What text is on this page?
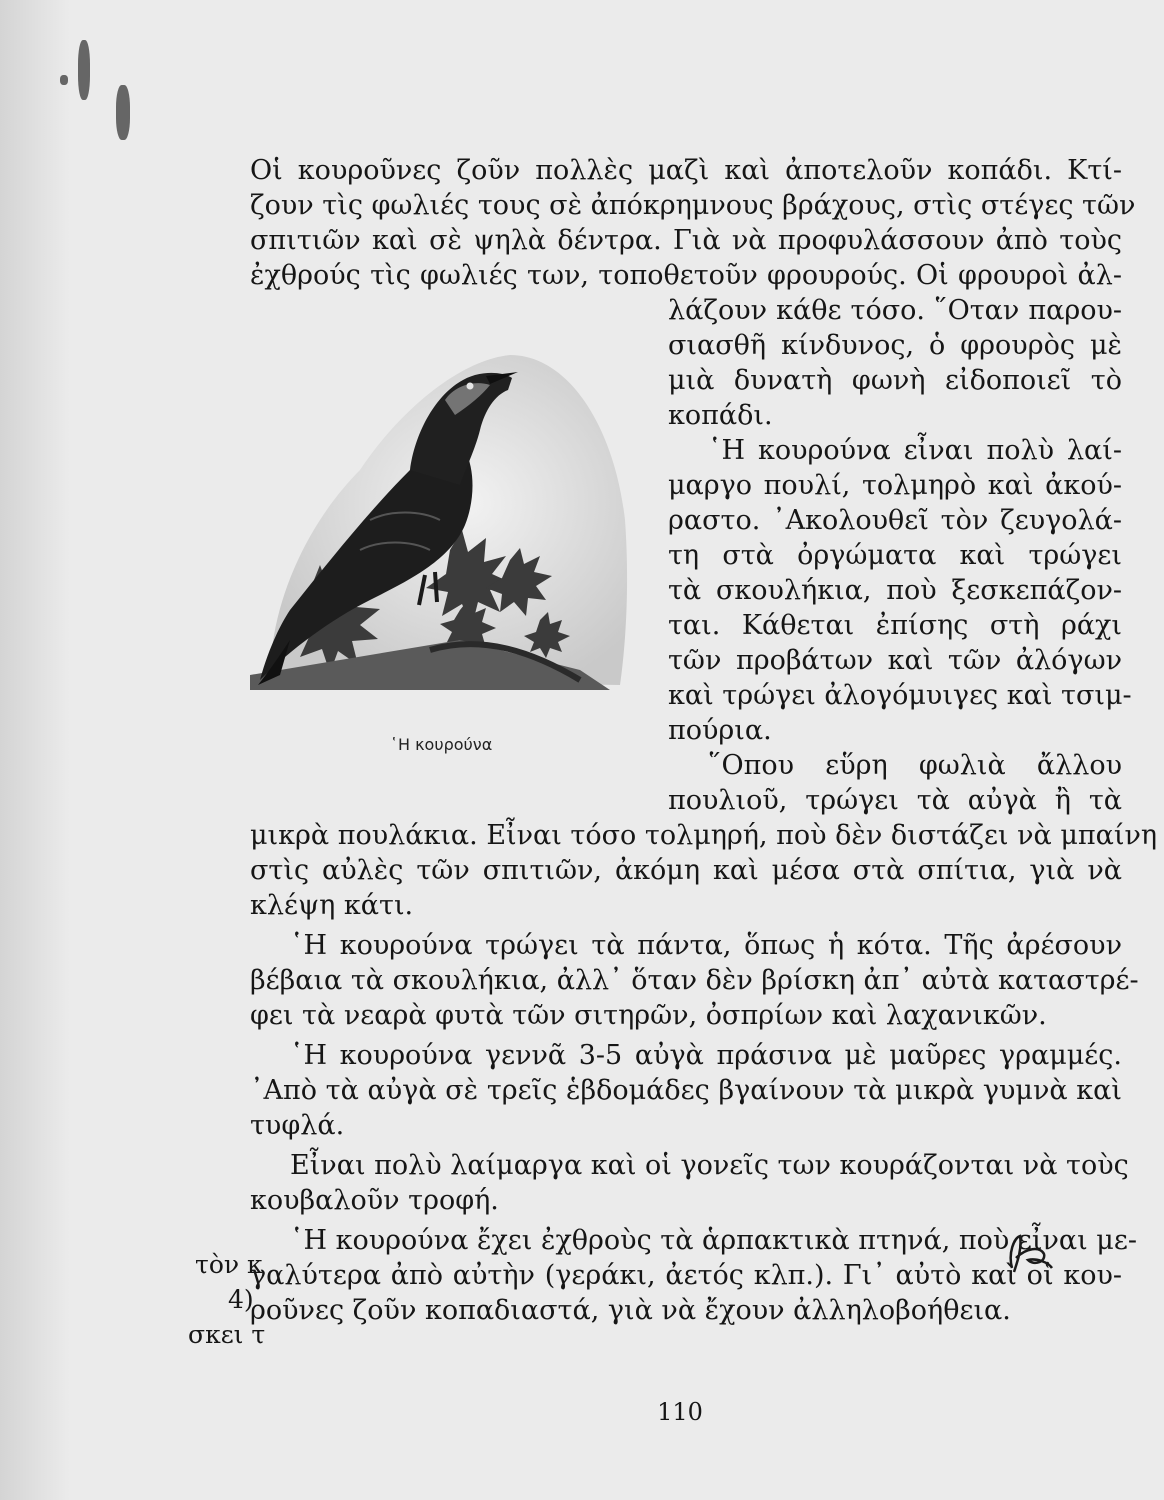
Οἱ κουροῦνες ζοῦν πολλὲς μαζὶ καὶ ἀποτελοῦν κοπάδι. Κτί-
ζουν τὶς φωλιές τους σὲ ἀπόκρημνους βράχους, στὶς στέγες τῶν
σπιτιῶν καὶ σὲ ψηλὰ δέντρα. Γιὰ νὰ προφυλάσσουν ἀπὸ τοὺς
ἐχθρούς τὶς φωλιές των, τοποθετοῦν φρουρούς. Οἱ φρουροὶ ἀλ-
λάζουν κάθε τόσο. ῞Οταν παρου-
σιασθῆ κίνδυνος, ὁ φρουρὸς μὲ
μιὰ δυνατὴ φωνὴ εἰδοποιεῖ τὸ
κοπάδι.
῾Η κουρούνα εἶναι πολὺ λαί-
μαργο πουλί, τολμηρὸ καὶ ἀκού-
ραστο. ᾿Ακολουθεῖ τὸν ζευγολά-
τη στὰ ὀργώματα καὶ τρώγει
τὰ σκουλήκια, ποὺ ξεσκεπάζον-
ται. Κάθεται ἐπίσης στὴ ράχι
τῶν προβάτων καὶ τῶν ἀλόγων
καὶ τρώγει ἀλογόμυιγες καὶ τσιμ-
πούρια.
῞Οπου εὕρη φωλιὰ ἄλλου
πουλιοῦ, τρώγει τὰ αὐγὰ ἢ τὰ
μικρὰ πουλάκια. Εἶναι τόσο τολμηρή, ποὺ δὲν διστάζει νὰ μπαίνη
στὶς αὐλὲς τῶν σπιτιῶν, ἀκόμη καὶ μέσα στὰ σπίτια, γιὰ νὰ
κλέψη κάτι.
῾Η κουρούνα τρώγει τὰ πάντα, ὅπως ἡ κότα. Τῆς ἀρέσουν
βέβαια τὰ σκουλήκια, ἀλλ᾿ ὅταν δὲν βρίσκη ἀπ᾿ αὐτὰ καταστρέ-
φει τὰ νεαρὰ φυτὰ τῶν σιτηρῶν, ὀσπρίων καὶ λαχανικῶν.
῾Η κουρούνα γεννᾶ 3-5 αὐγὰ πράσινα μὲ μαῦρες γραμμές.
᾿Απὸ τὰ αὐγὰ σὲ τρεῖς ἑβδομάδες βγαίνουν τὰ μικρὰ γυμνὰ καὶ
τυφλά.
Εἶναι πολὺ λαίμαργα καὶ οἱ γονεῖς των κουράζονται νὰ τοὺς
κουβαλοῦν τροφή.
῾Η κουρούνα ἔχει ἐχθροὺς τὰ ἁρπακτικὰ πτηνά, ποὺ εἶναι με-
γαλύτερα ἀπὸ αὐτὴν (γεράκι, ἀετός κλπ.). Γι᾿ αὐτὸ καὶ οἱ κου-
ροῦνες ζοῦν κοπαδιαστά, γιὰ νὰ ἔχουν ἀλληλοβοήθεια.
῾Η κουρούνα
τὸν κ
4)
σκει τ
110
